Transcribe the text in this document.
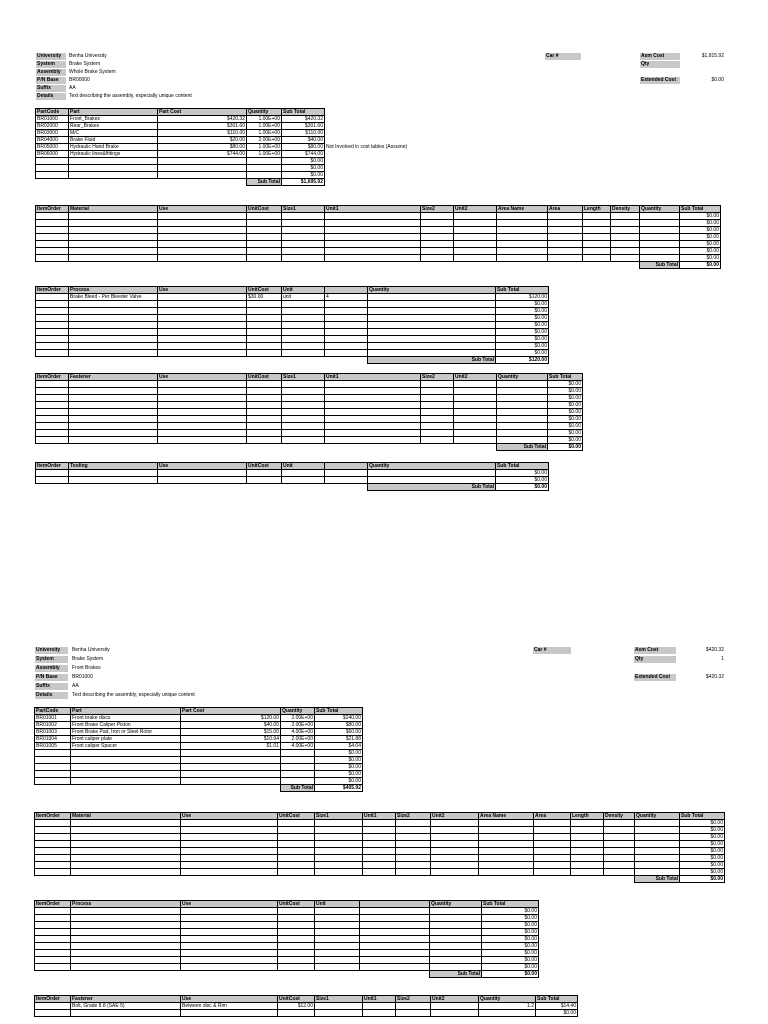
University	Benha University
System	Brake System
Assembly	Whole Brake System
P/N Base	BR00000
Suffix	AA
Details	Text describing the assembly, especially unique content
Car #	Asm Cost	$1,815.92
Qty
Extended Cost	$0.00
PartCode	Part	Part Cost	Quantity	Sub Total	
BR01000	Front_Brakes	$420.32	1.00E+00	$420.32	
BR02000	Rear_Brakes	$301.60	1.00E+00	$301.60	
BR03000	M/C	$110.00	1.00E+00	$110.00	
BR04000	Brake Fluid	$20.00	2.00E+00	$40.00	
BR05000	Hydraulic Hand Brake	$80.00	1.00E+00	$80.00	Not Involved in cost tables (Assume)
BR06000	Hydraulic lines&fittings	$744.00	1.00E+00	$744.00	
				$0.00	
				$0.00	
				$0.00	
			Sub Total	$1,695.92	
ItemOrder	Material	Use	UnitCost	Size1	Unit1	Size2	Unit2	Area Name	Area	Length	Density	Quantity	Sub Total
													$0.00
													$0.00
													$0.00
													$0.00
													$0.00
													$0.00
													$0.00
												Sub Total	$0.00
ItemOrder	Process	Use	UnitCost	Unit		Quantity	Sub Total
	Brake Bleed - Per Bleeder Valve		$30.00	unit	4		$120.00
							$0.00
							$0.00
							$0.00
							$0.00
							$0.00
							$0.00
							$0.00
							$0.00
						Sub Total	$120.00
ItemOrder	Fastener	Use	UnitCost	Size1	Unit1	Size2	Unit2	Quantity	Sub Total
									$0.00
									$0.00
									$0.00
									$0.00
									$0.00
									$0.00
									$0.00
									$0.00
									$0.00
								Sub Total	$0.00
ItemOrder	Tooling	Use	UnitCost	Unit		Quantity	Sub Total
							$0.00
							$0.00
						Sub Total	$0.00
University	Benha University
System	Brake System
Assembly	Front Brakes
P/N Base	BR01000
Suffix	AA
Details	Text describing the assembly, especially unique content
Car #	Asm Cost	$420.32
Qty	1
Extended Cost	$420.32
PartCode	Part	Part Cost	Quantity	Sub Total
BR01001	Front brake discs	$120.00	2.00E+00	$240.00
BR01002	Front Brake Caliper Piston	$40.00	2.00E+00	$80.00
BR01003	Front Brake Pad, Iron or Steel Rotor	$15.00	4.00E+00	$60.00
BR01004	Front caliper plate	$10.94	2.00E+00	$21.88
BR01005	Front caliper Spacer	$1.01	4.00E+00	$4.04
				$0.00
				$0.00
				$0.00
				$0.00
				$0.00
			Sub Total	$405.92
ItemOrder	Material	Use	UnitCost	Size1	Unit1	Size2	Unit2	Area Name	Area	Length	Density	Quantity	Sub Total
													$0.00
													$0.00
													$0.00
													$0.00
													$0.00
													$0.00
													$0.00
													$0.00
												Sub Total	$0.00
ItemOrder	Process	Use	UnitCost	Unit		Quantity	Sub Total
							$0.00
							$0.00
							$0.00
							$0.00
							$0.00
							$0.00
							$0.00
							$0.00
							$0.00
						Sub Total	$0.00
ItemOrder	Fastener	Use	UnitCost	Size1	Unit1	Size2	Unit2	Quantity	Sub Total
	Bolt, Grade 8.8 (SAE 5)	Between disc & Rim	$12.00					1.2	$14.40
									$0.00
